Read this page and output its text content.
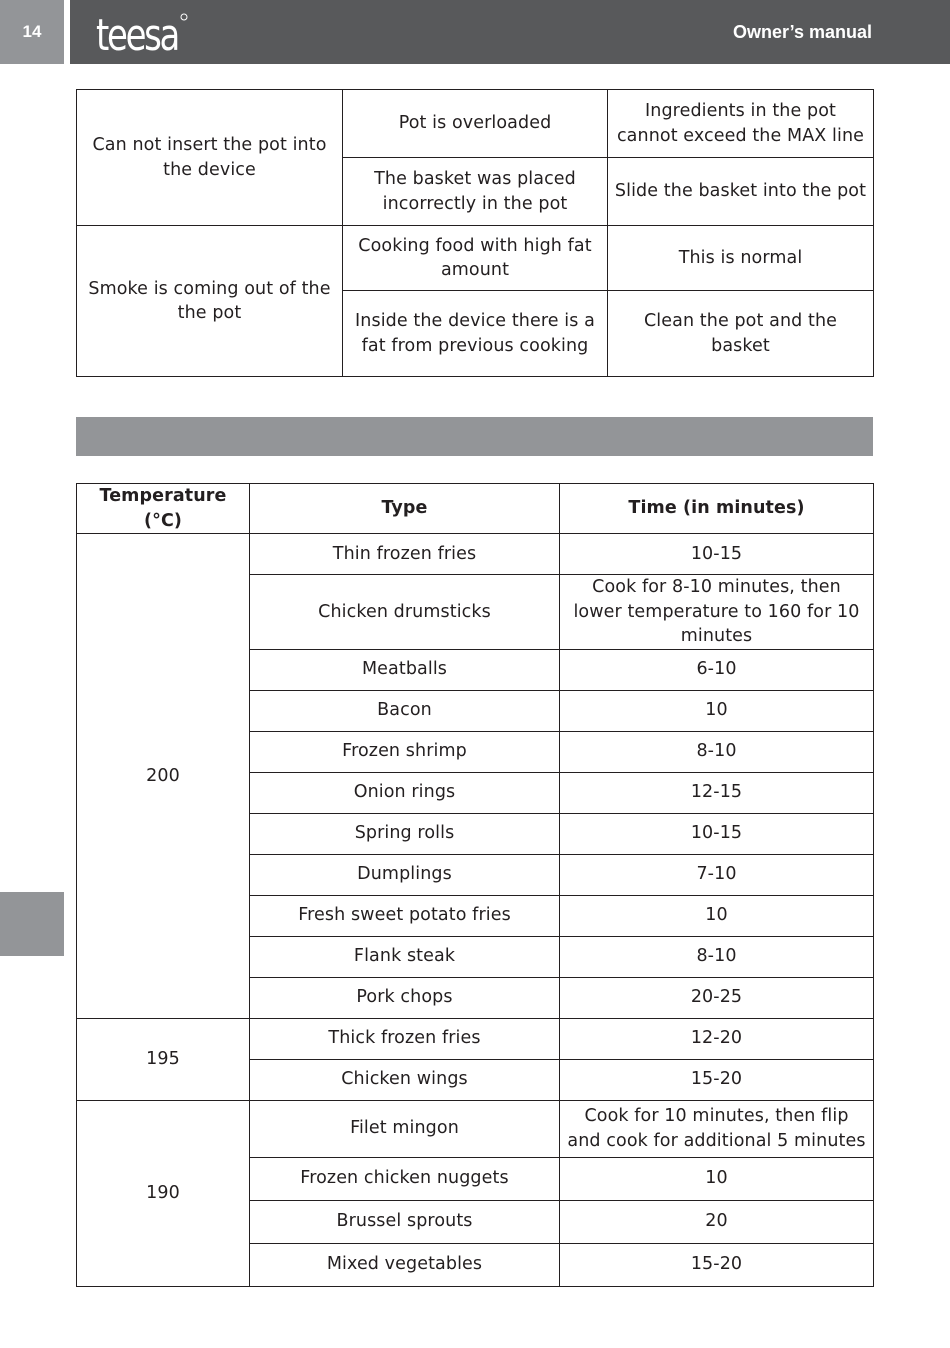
14	teesa	Owner’s manual
Can not insert the pot into the device	Pot is overloaded	Ingredients in the pot cannot exceed the MAX line
	The basket was placed incorrectly in the pot	Slide the basket into the pot
Smoke is coming out of the the pot	Cooking food with high fat amount	This is normal
	Inside the device there is a fat from previous cooking	Clean the pot and the basket
Temperature (°C)	Type	Time (in minutes)
200	Thin frozen fries	10-15
	Chicken drumsticks	Cook for 8-10 minutes, then lower temperature to 160 for 10 minutes
	Meatballs	6-10
	Bacon	10
	Frozen shrimp	8-10
	Onion rings	12-15
	Spring rolls	10-15
	Dumplings	7-10
	Fresh sweet potato fries	10
	Flank steak	8-10
	Pork chops	20-25
195	Thick frozen fries	12-20
	Chicken wings	15-20
190	Filet mingon	Cook for 10 minutes, then flip and cook for additional 5 minutes
	Frozen chicken nuggets	10
	Brussel sprouts	20
	Mixed vegetables	15-20
